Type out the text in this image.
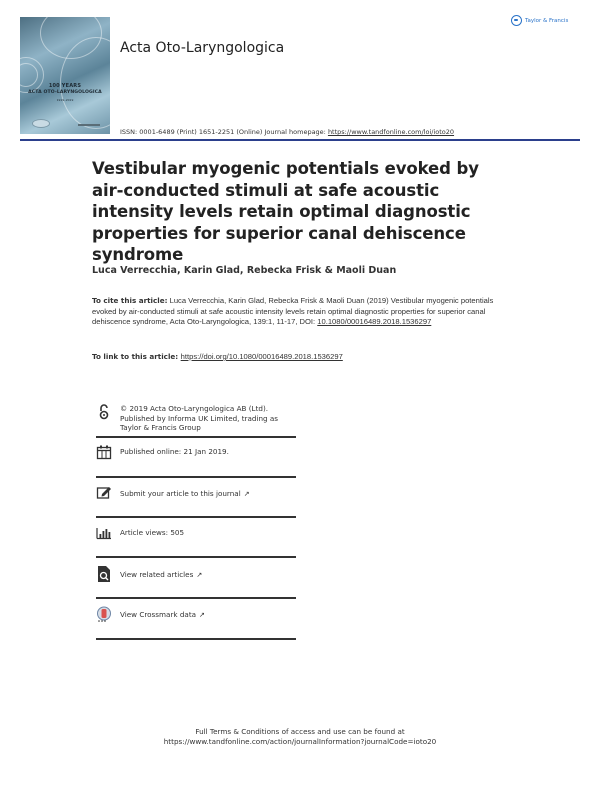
100 YEARS
ACTA OTO-LARYNGOLOGICA
1919–2019
Acta Oto-Laryngologica
Taylor & Francis
ISSN: 0001-6489 (Print) 1651-2251 (Online) Journal homepage: https://www.tandfonline.com/loi/ioto20
Vestibular myogenic potentials evoked by air-conducted stimuli at safe acoustic intensity levels retain optimal diagnostic properties for superior canal dehiscence syndrome
Luca Verrecchia, Karin Glad, Rebecka Frisk & Maoli Duan
To cite this article: Luca Verrecchia, Karin Glad, Rebecka Frisk & Maoli Duan (2019) Vestibular myogenic potentials evoked by air-conducted stimuli at safe acoustic intensity levels retain optimal diagnostic properties for superior canal dehiscence syndrome, Acta Oto-Laryngologica, 139:1, 11-17, DOI: 10.1080/00016489.2018.1536297
To link to this article: https://doi.org/10.1080/00016489.2018.1536297
© 2019 Acta Oto-Laryngologica AB (Ltd). Published by Informa UK Limited, trading as Taylor & Francis Group
Published online: 21 Jan 2019.
Submit your article to this journal ↗
Article views: 505
View related articles ↗
View Crossmark data ↗
Full Terms & Conditions of access and use can be found at
https://www.tandfonline.com/action/journalInformation?journalCode=ioto20
